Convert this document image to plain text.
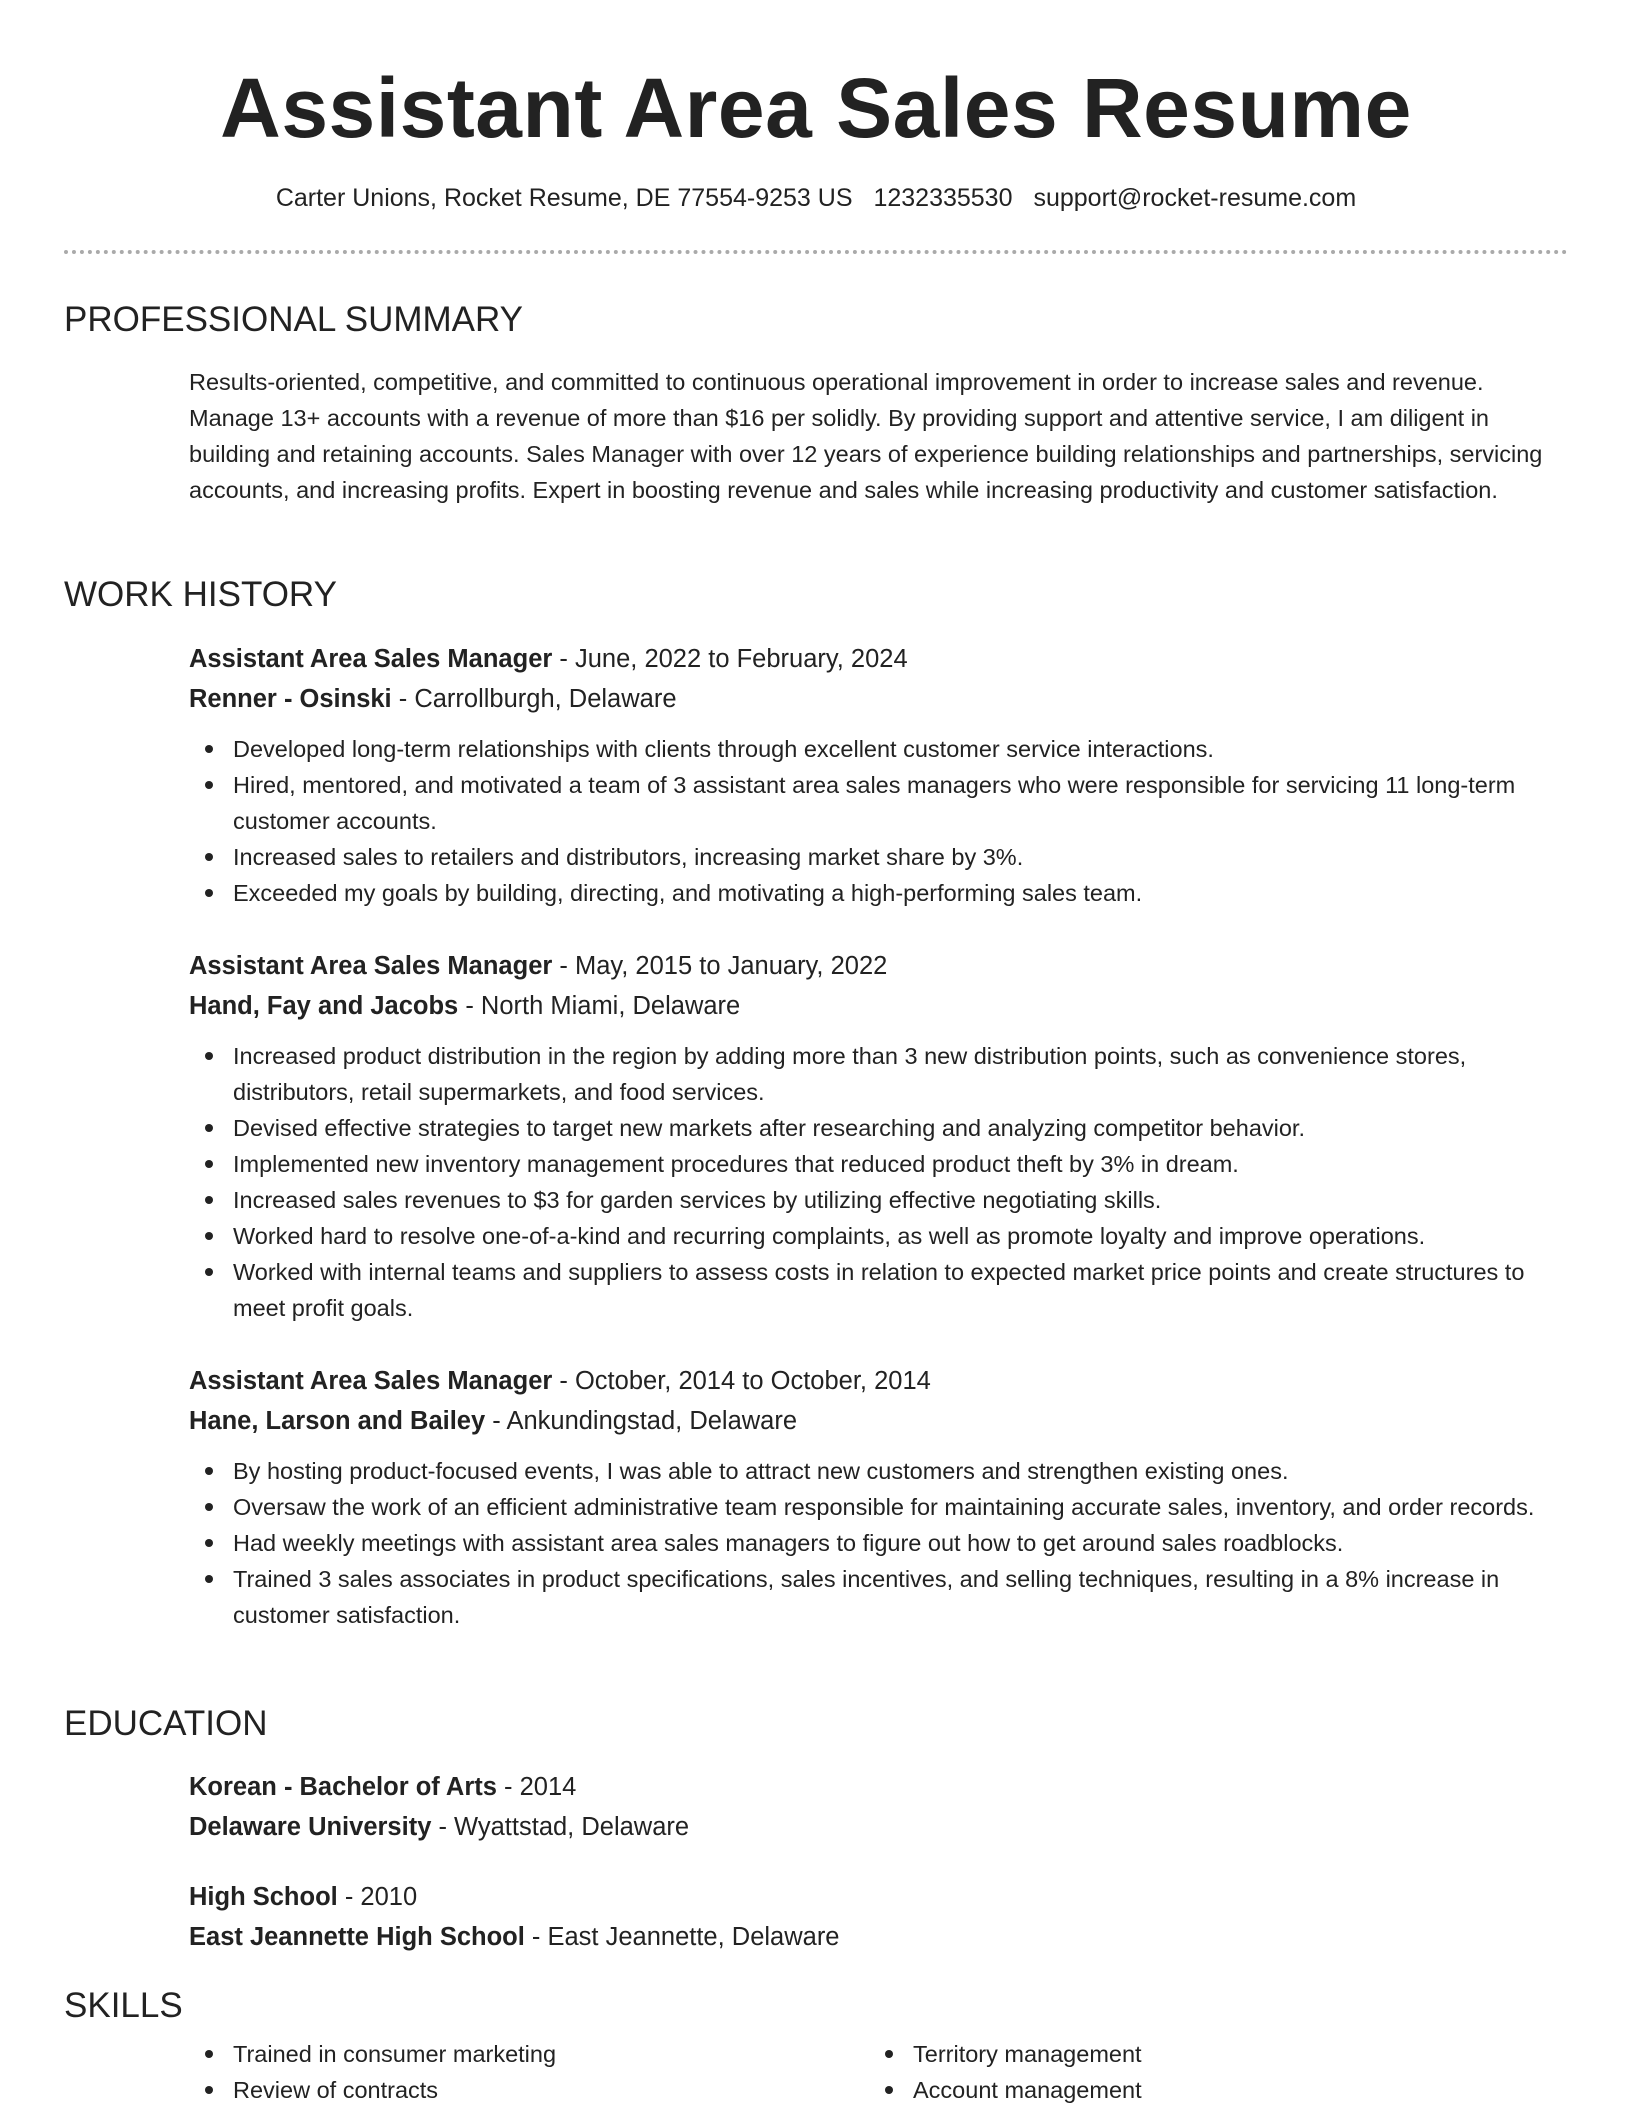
Assistant Area Sales Resume
Carter Unions, Rocket Resume, DE 77554-9253 US 1232335530 support@rocket-resume.com
PROFESSIONAL SUMMARY

Results-oriented, competitive, and committed to continuous operational improvement in order to increase sales and revenue. Manage 13+ accounts with a revenue of more than $16 per solidly. By providing support and attentive service, I am diligent in building and retaining accounts. Sales Manager with over 12 years of experience building relationships and partnerships, servicing accounts, and increasing profits. Expert in boosting revenue and sales while increasing productivity and customer satisfaction.

WORK HISTORY
Assistant Area Sales Manager - June, 2022 to February, 2024
Renner - Osinski - Carrollburgh, Delaware
Developed long-term relationships with clients through excellent customer service interactions.
Hired, mentored, and motivated a team of 3 assistant area sales managers who were responsible for servicing 11 long-term customer accounts.
Increased sales to retailers and distributors, increasing market share by 3%.
Exceeded my goals by building, directing, and motivating a high-performing sales team.
Assistant Area Sales Manager - May, 2015 to January, 2022
Hand, Fay and Jacobs - North Miami, Delaware
Increased product distribution in the region by adding more than 3 new distribution points, such as convenience stores, distributors, retail supermarkets, and food services.
Devised effective strategies to target new markets after researching and analyzing competitor behavior.
Implemented new inventory management procedures that reduced product theft by 3% in dream.
Increased sales revenues to $3 for garden services by utilizing effective negotiating skills.
Worked hard to resolve one-of-a-kind and recurring complaints, as well as promote loyalty and improve operations.
Worked with internal teams and suppliers to assess costs in relation to expected market price points and create structures to meet profit goals.
Assistant Area Sales Manager - October, 2014 to October, 2014
Hane, Larson and Bailey - Ankundingstad, Delaware
By hosting product-focused events, I was able to attract new customers and strengthen existing ones.
Oversaw the work of an efficient administrative team responsible for maintaining accurate sales, inventory, and order records.
Had weekly meetings with assistant area sales managers to figure out how to get around sales roadblocks.
Trained 3 sales associates in product specifications, sales incentives, and selling techniques, resulting in a 8% increase in customer satisfaction.
EDUCATION
Korean - Bachelor of Arts - 2014
Delaware University - Wyattstad, Delaware
High School - 2010
East Jeannette High School - East Jeannette, Delaware
SKILLS
Trained in consumer marketing	Territory management
Review of contracts	Account management
